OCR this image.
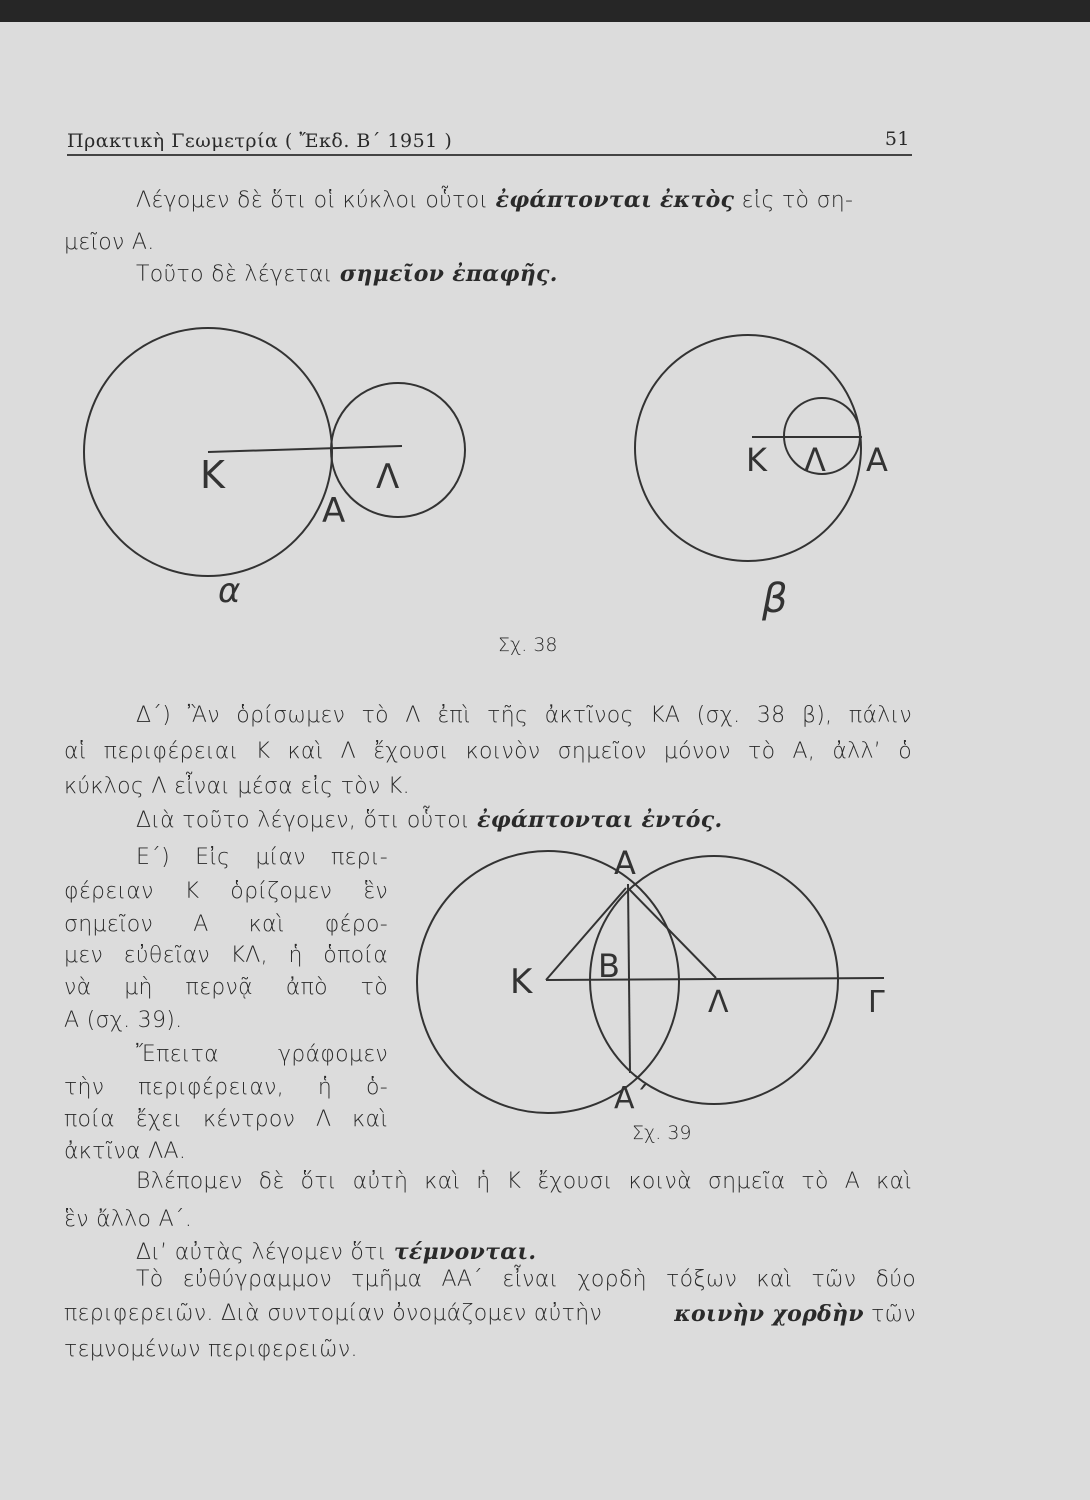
Πρακτικὴ Γεωμετρία ( Ἔκδ. Β΄ 1951 )	51
Λέγομεν δὲ ὅτι οἱ κύκλοι οὗτοι ἐφάπτονται ἐκτὸς εἰς τὸ ση-
μεῖον Α.
Τοῦτο δὲ λέγεται σημεῖον ἐπαφῆς.
Κ	Λ
Α
α
Κ Λ Α
β
Σχ. 38
Δ΄) Ἂν ὁρίσωμεν τὸ Λ ἐπὶ τῆς ἀκτῖνος ΚΑ (σχ. 38 β), πάλιν
αἱ περιφέρειαι Κ καὶ Λ ἔχουσι κοινὸν σημεῖον μόνον τὸ Α, ἀλλ’ ὁ
κύκλος Λ εἶναι μέσα εἰς τὸν Κ.
Διὰ τοῦτο λέγομεν, ὅτι οὗτοι ἐφάπτονται ἐντός.
Ε΄) Εἰς μίαν περι-
φέρειαν Κ ὁρίζομεν ἓν
σημεῖον Α καὶ φέρο-
μεν εὐθεῖαν ΚΛ, ἡ ὁποία
νὰ μὴ περνᾷ ἀπὸ τὸ
Α (σχ. 39).
Ἔπειτα γράφομεν
τὴν περιφέρειαν, ἡ ὁ-
ποία ἔχει κέντρον Λ καὶ
ἀκτῖνα ΛΑ.
Α
Α΄
Β
Κ
Λ	Γ
Σχ. 39
Βλέπομεν δὲ ὅτι αὐτὴ καὶ ἡ Κ ἔχουσι κοινὰ σημεῖα τὸ Α καὶ
ἓν ἄλλο Α΄.
Δι’ αὐτὰς λέγομεν ὅτι τέμνονται.
Τὸ εὐθύγραμμον τμῆμα ΑΑ΄ εἶναι χορδὴ τόξων καὶ τῶν δύο
περιφερειῶν. Διὰ συντομίαν ὀνομάζομεν αὐτὴν	κοινὴν χορδὴν τῶν
τεμνομένων περιφερειῶν.
